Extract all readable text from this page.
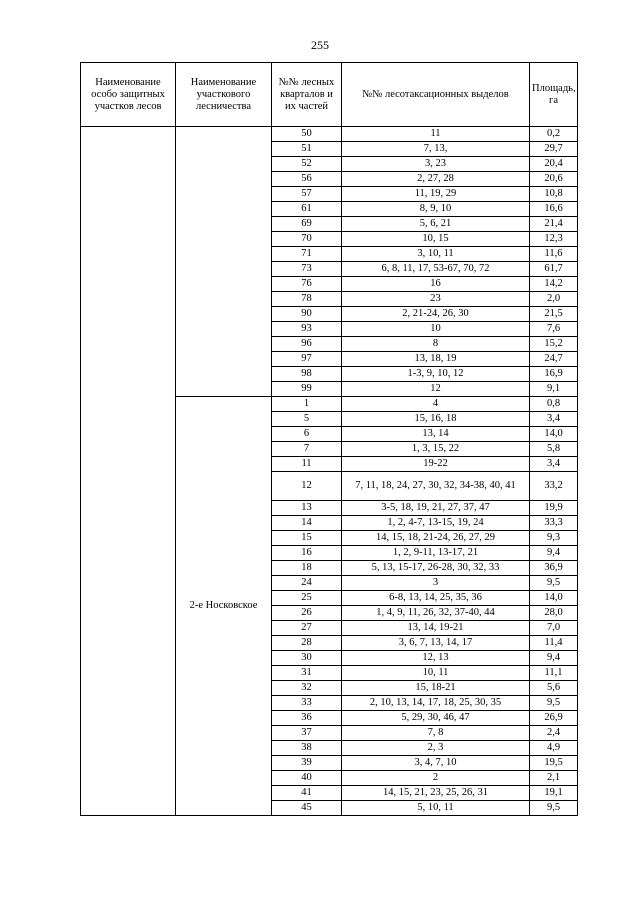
255
Наименование особо защитных участков лесов	Наименование участкового лесничества	№№ лесных кварталов и их частей	№№ лесотаксационных выделов	Площадь, га
		50	11	0,2
		51	7, 13,	29,7
		52	3, 23	20,4
		56	2, 27, 28	20,6
		57	11, 19, 29	10,8
		61	8, 9, 10	16,6
		69	5, 6, 21	21,4
		70	10, 15	12,3
		71	3, 10, 11	11,6
		73	6, 8, 11, 17, 53-67, 70, 72	61,7
		76	16	14,2
		78	23	2,0
		90	2, 21-24, 26, 30	21,5
		93	10	7,6
		96	8	15,2
		97	13, 18, 19	24,7
		98	1-3, 9, 10, 12	16,9
		99	12	9,1
	2-е Носковское	1	4	0,8
		5	15, 16, 18	3,4
		6	13, 14	14,0
		7	1, 3, 15, 22	5,8
		11	19-22	3,4
		12	7, 11, 18, 24, 27, 30, 32, 34-38, 40, 41	33,2
		13	3-5, 18, 19, 21, 27, 37, 47	19,9
		14	1, 2, 4-7, 13-15, 19, 24	33,3
		15	14, 15, 18, 21-24, 26, 27, 29	9,3
		16	1, 2, 9-11, 13-17, 21	9,4
		18	5, 13, 15-17, 26-28, 30, 32, 33	36,9
		24	3	9,5
		25	6-8, 13, 14, 25, 35, 36	14,0
		26	1, 4, 9, 11, 26, 32, 37-40, 44	28,0
		27	13, 14, 19-21	7,0
		28	3, 6, 7, 13, 14, 17	11,4
		30	12, 13	9,4
		31	10, 11	11,1
		32	15, 18-21	5,6
		33	2, 10, 13, 14, 17, 18, 25, 30, 35	9,5
		36	5, 29, 30, 46, 47	26,9
		37	7, 8	2,4
		38	2, 3	4,9
		39	3, 4, 7, 10	19,5
		40	2	2,1
		41	14, 15, 21, 23, 25, 26, 31	19,1
		45	5, 10, 11	9,5
